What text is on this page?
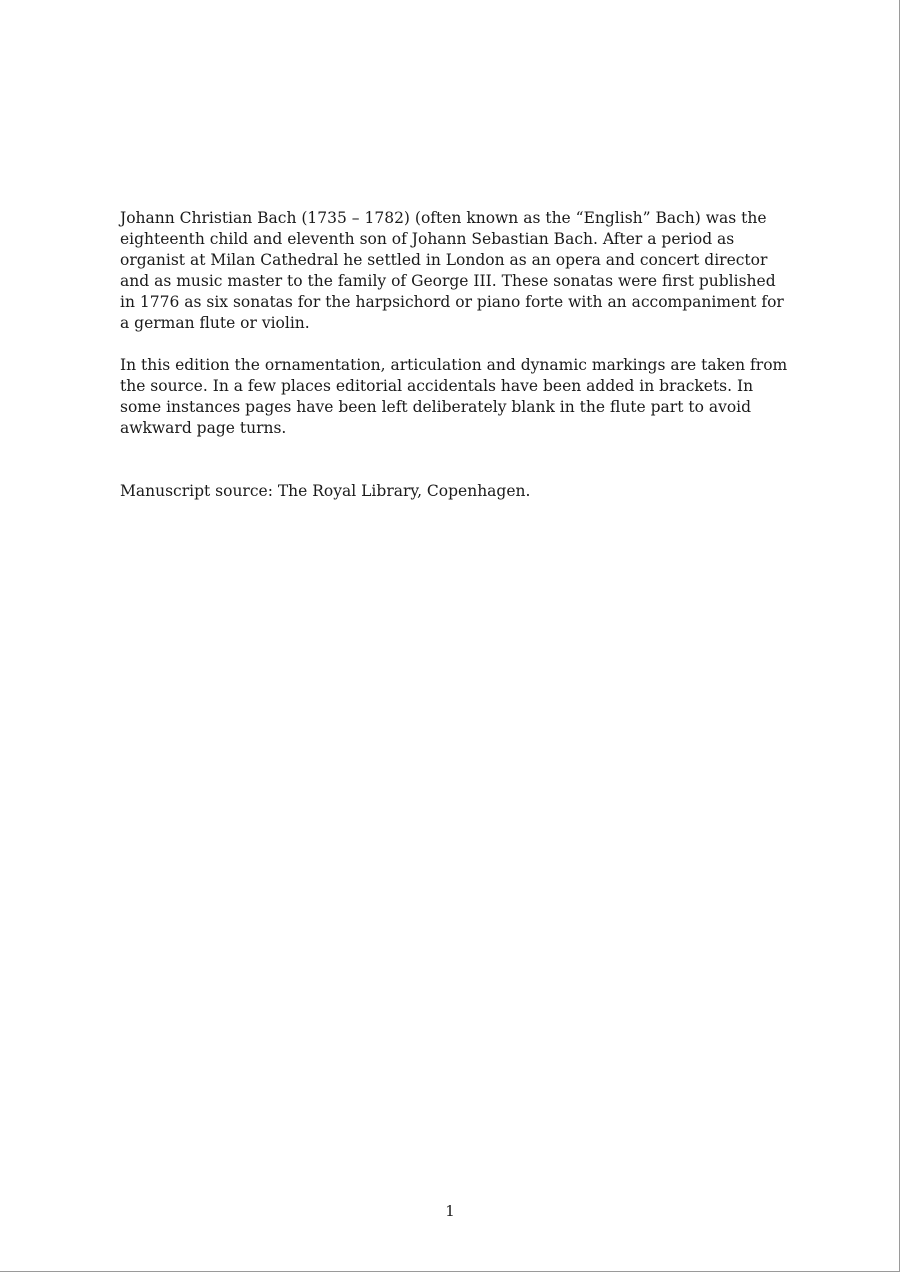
Johann Christian Bach (1735 – 1782) (often known as the “English” Bach) was the eighteenth child and eleventh son of Johann Sebastian Bach. After a period as organist at Milan Cathedral he settled in London as an opera and concert director and as music master to the family of George III. These sonatas were first published in 1776 as six sonatas for the harpsichord or piano forte with an accompaniment for a german flute or violin.

In this edition the ornamentation, articulation and dynamic markings are taken from the source. In a few places editorial accidentals have been added in brackets. In some instances pages have been left deliberately blank in the flute part to avoid awkward page turns.

Manuscript source: The Royal Library, Copenhagen.

1
